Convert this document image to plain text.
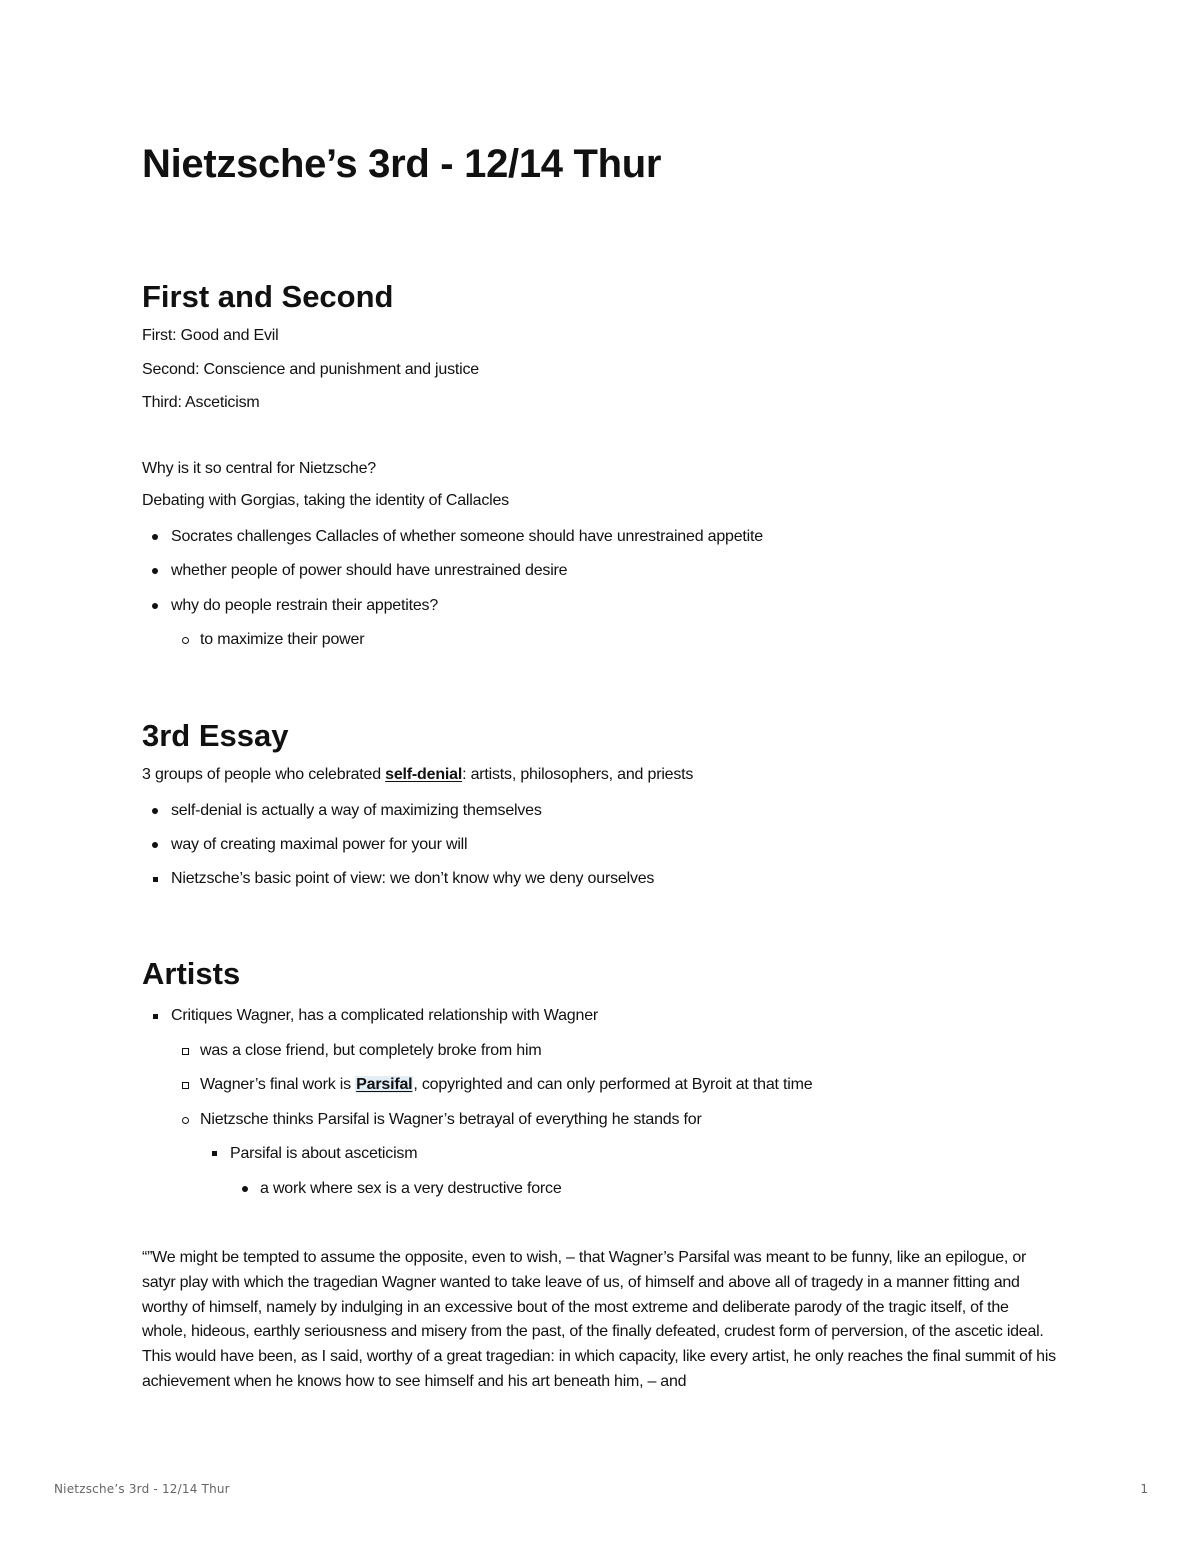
Nietzsche’s 3rd - 12/14 Thur
First and Second

First: Good and Evil

Second: Conscience and punishment and justice

Third: Asceticism

Why is it so central for Nietzsche?

Debating with Gorgias, taking the identity of Callacles

Socrates challenges Callacles of whether someone should have unrestrained appetite

whether people of power should have unrestrained desire

why do people restrain their appetites?

to maximize their power

3rd Essay

3 groups of people who celebrated self-denial: artists, philosophers, and priests

self-denial is actually a way of maximizing themselves

way of creating maximal power for your will

Nietzsche’s basic point of view: we don’t know why we deny ourselves

Artists

Critiques Wagner, has a complicated relationship with Wagner

was a close friend, but completely broke from him

Wagner’s final work is Parsifal, copyrighted and can only performed at Byroit at that time

Nietzsche thinks Parsifal is Wagner’s betrayal of everything he stands for

Parsifal is about asceticism

a work where sex is a very destructive force

“”We might be tempted to assume the opposite, even to wish, – that Wagner’s Parsifal was meant to be funny, like an epilogue, or satyr play with which the tragedian Wagner wanted to take leave of us, of himself and above all of tragedy in a manner fitting and worthy of himself, namely by indulging in an excessive bout of the most extreme and deliberate parody of the tragic itself, of the whole, hideous, earthly seriousness and misery from the past, of the finally defeated, crudest form of perversion, of the ascetic ideal. This would have been, as I said, worthy of a great tragedian: in which capacity, like every artist, he only reaches the final summit of his achievement when he knows how to see himself and his art beneath him, – and

Nietzsche’s 3rd - 12/14 Thur	1
